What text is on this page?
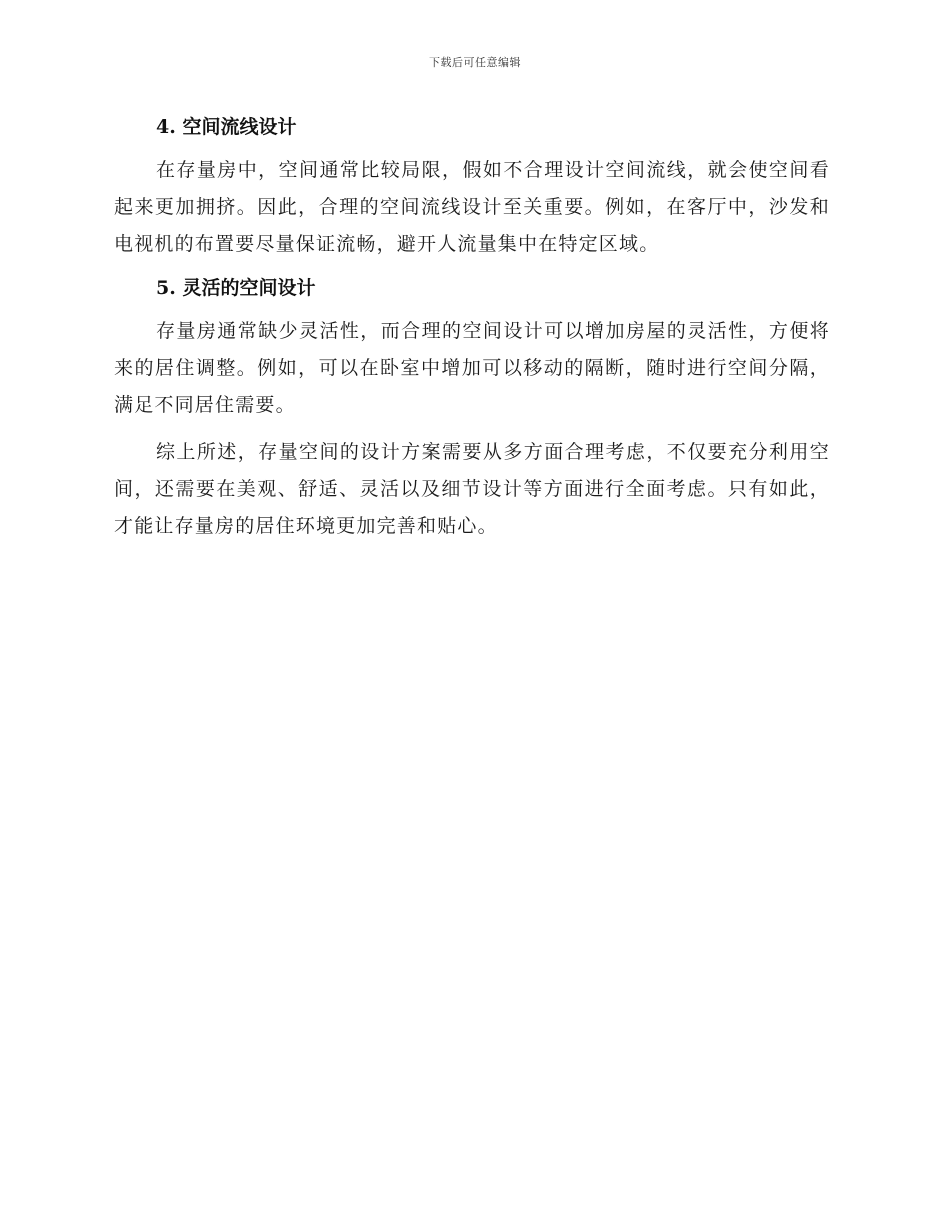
下载后可任意编辑
4. 空间流线设计

在存量房中，空间通常比较局限，假如不合理设计空间流线，就会使空间看起来更加拥挤。因此，合理的空间流线设计至关重要。例如，在客厅中，沙发和电视机的布置要尽量保证流畅，避开人流量集中在特定区域。

5. 灵活的空间设计

存量房通常缺少灵活性，而合理的空间设计可以增加房屋的灵活性，方便将来的居住调整。例如，可以在卧室中增加可以移动的隔断，随时进行空间分隔，满足不同居住需要。

综上所述，存量空间的设计方案需要从多方面合理考虑，不仅要充分利用空间，还需要在美观、舒适、灵活以及细节设计等方面进行全面考虑。只有如此，才能让存量房的居住环境更加完善和贴心。
